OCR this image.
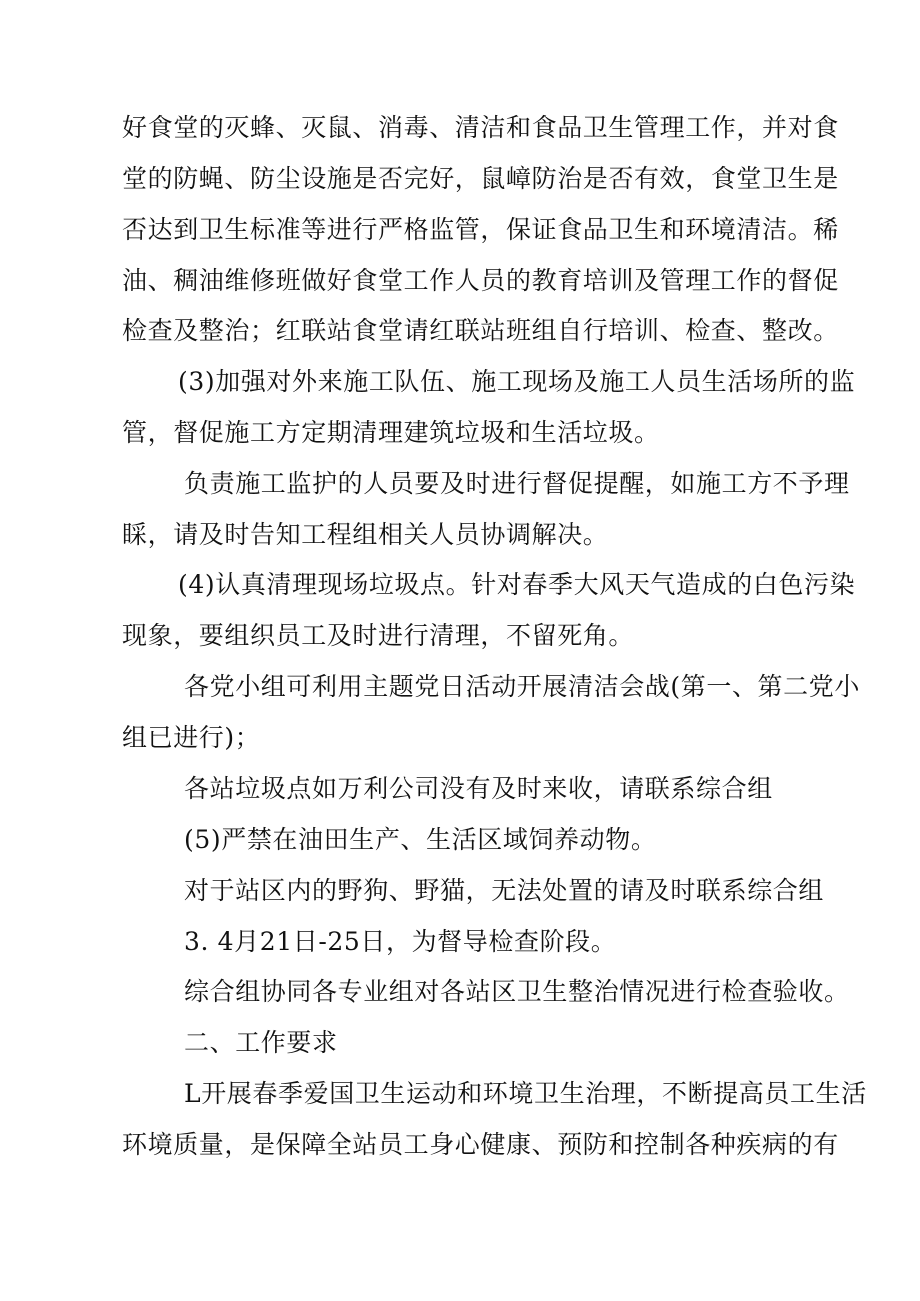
好食堂的灭蜂、灭鼠、消毒、清洁和食品卫生管理工作，并对食
堂的防蝇、防尘设施是否完好，鼠嶂防治是否有效，食堂卫生是
否达到卫生标准等进行严格监管，保证食品卫生和环境清洁。稀
油、稠油维修班做好食堂工作人员的教育培训及管理工作的督促
检查及整治；红联站食堂请红联站班组自行培训、检查、整改。
(3)加强对外来施工队伍、施工现场及施工人员生活场所的监
管，督促施工方定期清理建筑垃圾和生活垃圾。
负责施工监护的人员要及时进行督促提醒，如施工方不予理
睬，请及时告知工程组相关人员协调解决。
(4)认真清理现场垃圾点。针对春季大风天气造成的白色污染
现象，要组织员工及时进行清理，不留死角。
各党小组可利用主题党日活动开展清洁会战(第一、第二党小
组已进行)；
各站垃圾点如万利公司没有及时来收，请联系综合组
(5)严禁在油田生产、生活区域饲养动物。
对于站区内的野狗、野猫，无法处置的请及时联系综合组
3. 4月21日-25日，为督导检查阶段。
综合组协同各专业组对各站区卫生整治情况进行检查验收。
二、工作要求
L开展春季爱国卫生运动和环境卫生治理，不断提高员工生活
环境质量，是保障全站员工身心健康、预防和控制各种疾病的有
